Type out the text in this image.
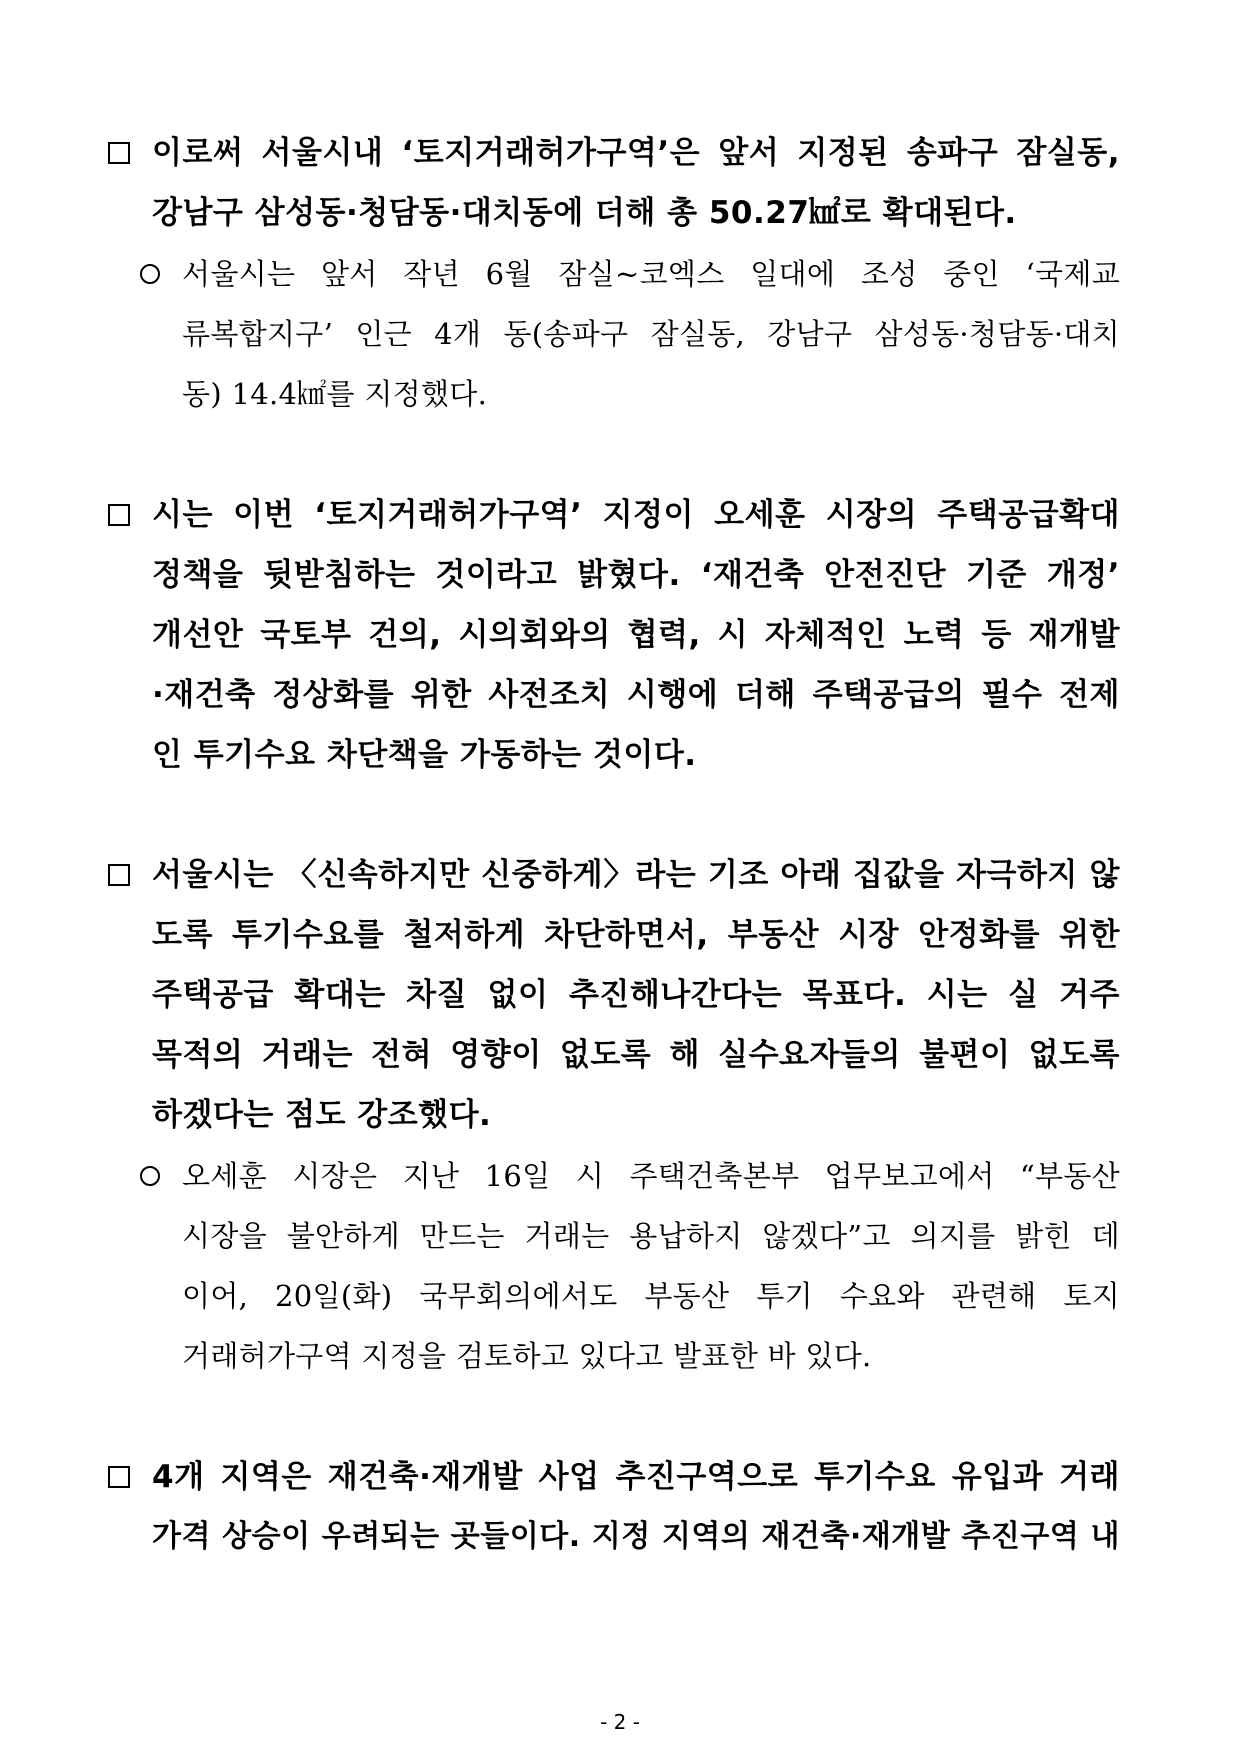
이로써 서울시내 ‘토지거래허가구역’은 앞서 지정된 송파구 잠실동,
강남구 삼성동·청담동·대치동에 더해 총 50.27㎢로 확대된다.
서울시는 앞서 작년 6월 잠실~코엑스 일대에 조성 중인 ‘국제교
류복합지구’ 인근 4개 동(송파구 잠실동, 강남구 삼성동·청담동·대치
동) 14.4㎢를 지정했다.
시는 이번 ‘토지거래허가구역’ 지정이 오세훈 시장의 주택공급확대
정책을 뒷받침하는 것이라고 밝혔다. ‘재건축 안전진단 기준 개정’
개선안 국토부 건의, 시의회와의 협력, 시 자체적인 노력 등 재개발
·재건축 정상화를 위한 사전조치 시행에 더해 주택공급의 필수 전제
인 투기수요 차단책을 가동하는 것이다.
서울시는 〈신속하지만 신중하게〉라는 기조 아래 집값을 자극하지 않
도록 투기수요를 철저하게 차단하면서, 부동산 시장 안정화를 위한
주택공급 확대는 차질 없이 추진해나간다는 목표다. 시는 실 거주
목적의 거래는 전혀 영향이 없도록 해 실수요자들의 불편이 없도록
하겠다는 점도 강조했다.
오세훈 시장은 지난 16일 시 주택건축본부 업무보고에서 “부동산
시장을 불안하게 만드는 거래는 용납하지 않겠다”고 의지를 밝힌 데
이어, 20일(화) 국무회의에서도 부동산 투기 수요와 관련해 토지
거래허가구역 지정을 검토하고 있다고 발표한 바 있다.
4개 지역은 재건축·재개발 사업 추진구역으로 투기수요 유입과 거래
가격 상승이 우려되는 곳들이다. 지정 지역의 재건축·재개발 추진구역 내
- 2 -
